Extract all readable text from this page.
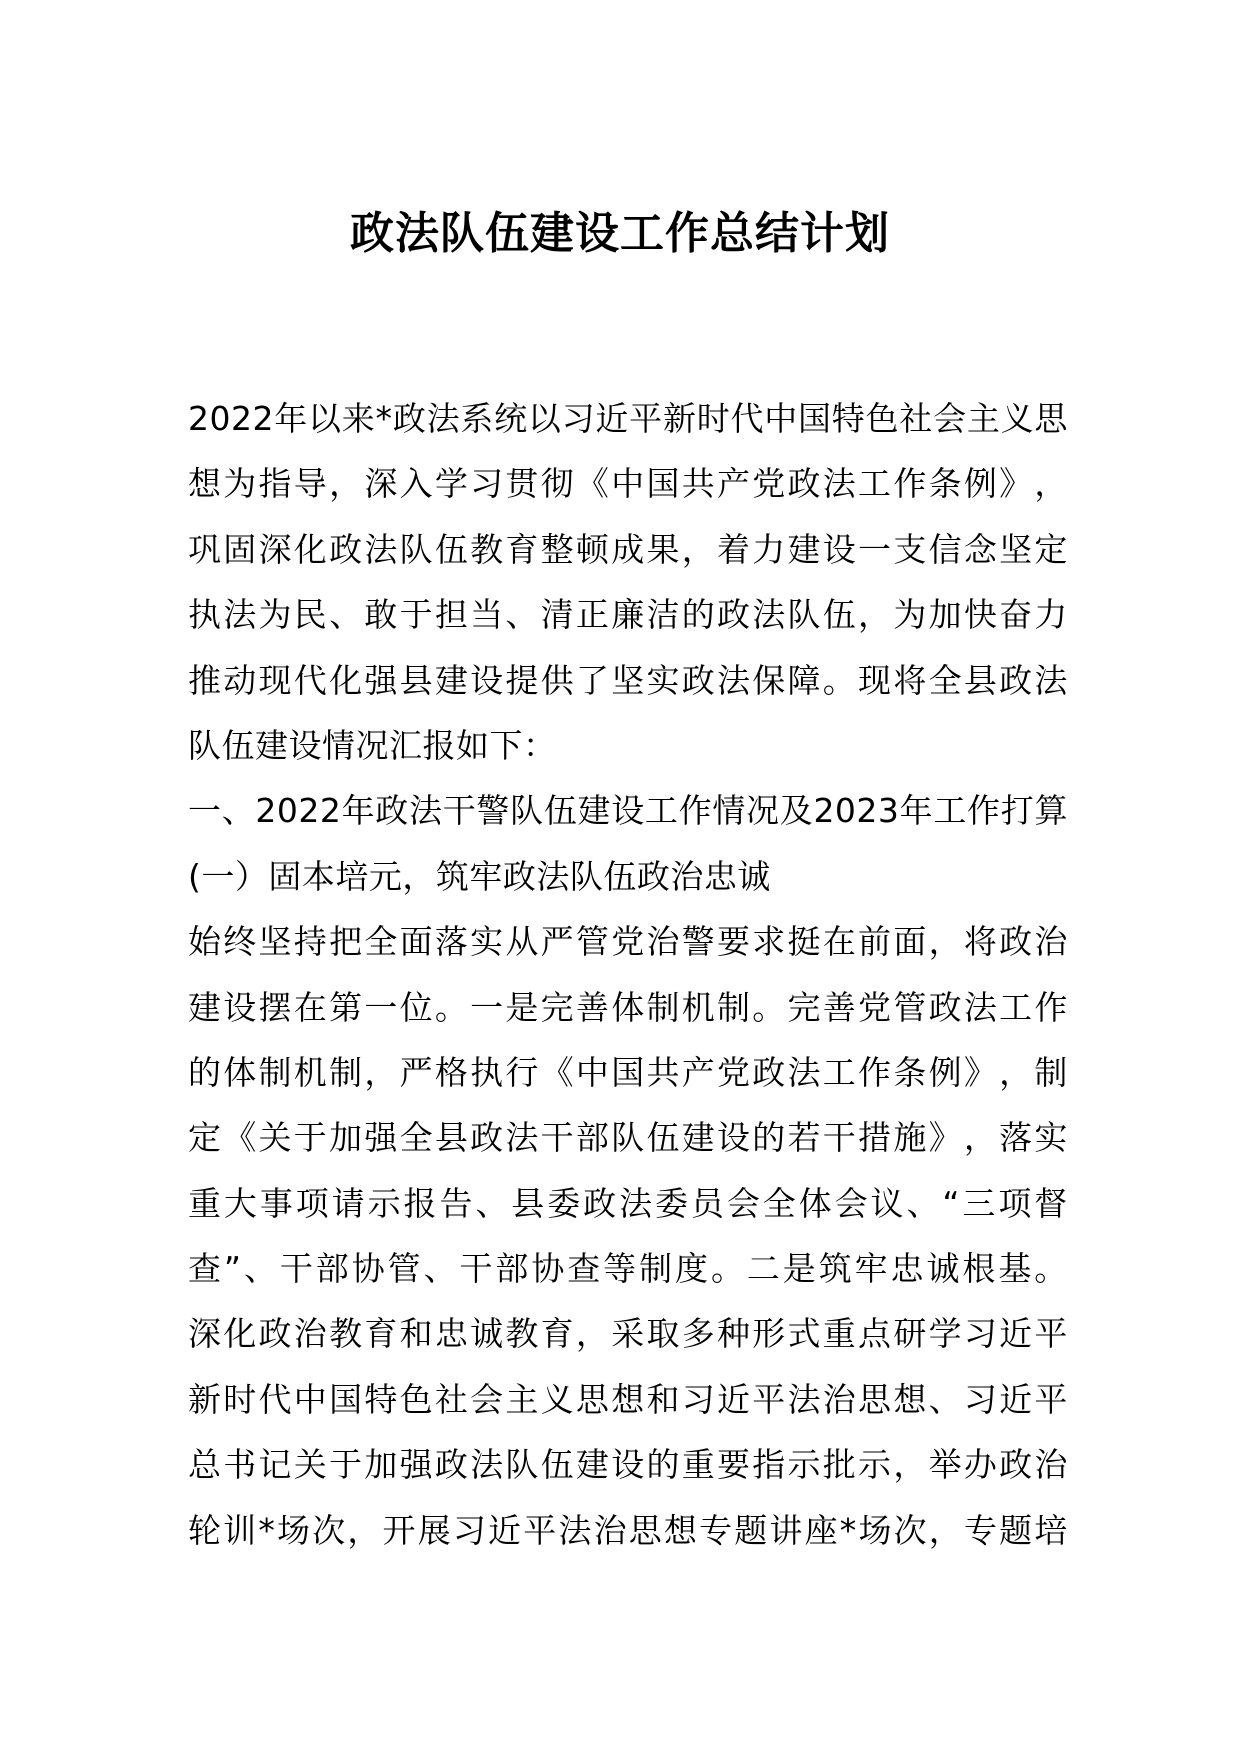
政法队伍建设工作总结计划
2022 年 以 来 * 政 法 系 统 以 习 近 平 新 时 代 中 国 特 色 社 会 主 义 思
想 为 指 导 ， 深 入 学 习 贯 彻 《 中 国 共 产 党 政 法 工 作 条 例 》 ，
巩 固 深 化 政 法 队 伍 教 育 整 顿 成 果 ， 着 力 建 设 一 支 信 念 坚 定
执 法 为 民 、 敢 于 担 当 、 清 正 廉 洁 的 政 法 队 伍 ， 为 加 快 奋 力
推 动 现 代 化 强 县 建 设 提 供 了 坚 实 政 法 保 障 。 现 将 全 县 政 法
队伍建设情况汇报如下：
一 、 2022 年 政 法 干 警 队 伍 建 设 工 作 情 况 及 2023 年 工 作 打 算
(一）固本培元，筑牢政法队伍政治忠诚
始 终 坚 持 把 全 面 落 实 从 严 管 党 治 警 要 求 挺 在 前 面 ， 将 政 治
建 设 摆 在 第 一 位 。 一 是 完 善 体 制 机 制 。 完 善 党 管 政 法 工 作
的 体 制 机 制 ， 严 格 执 行 《 中 国 共 产 党 政 法 工 作 条 例 》 ， 制
定 《 关 于 加 强 全 县 政 法 干 部 队 伍 建 设 的 若 干 措 施 》 ， 落 实
重 大 事 项 请 示 报 告 、 县 委 政 法 委 员 会 全 体 会 议 、 “ 三 项 督
查 ” 、 干 部 协 管 、 干 部 协 查 等 制 度 。 二 是 筑 牢 忠 诚 根 基 。
深 化 政 治 教 育 和 忠 诚 教 育 ， 采 取 多 种 形 式 重 点 研 学 习 近 平
新 时 代 中 国 特 色 社 会 主 义 思 想 和 习 近 平 法 治 思 想 、 习 近 平
总 书 记 关 于 加 强 政 法 队 伍 建 设 的 重 要 指 示 批 示 ， 举 办 政 治
轮 训 * 场 次 ， 开 展 习 近 平 法 治 思 想 专 题 讲 座 * 场 次 ， 专 题 培
